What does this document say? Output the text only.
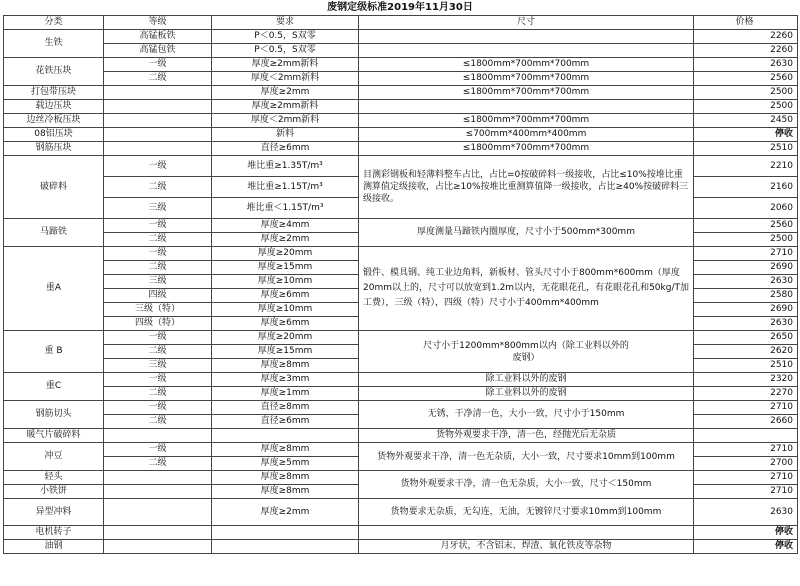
废钢定级标准2019年11月30日
分类	等级	要求	尺寸	价格
生铁	高锰板铁	P＜0.5，S双零		2260
	高锰包铁	P＜0.5，S双零		2260
花铁压块	一级	厚度≥2mm新料	≤1800mm*700mm*700mm	2630
	二级	厚度＜2mm新料	≤1800mm*700mm*700mm	2560
打包带压块		厚度≥2mm	≤1800mm*700mm*700mm	2500
载边压块		厚度≥2mm新料		2500
边丝冷板压块		厚度＜2mm新料	≤1800mm*700mm*700mm	2450
08铝压块		新料	≤700mm*400mm*400mm	停收
钢筋压块		直径≥6mm	≤1800mm*700mm*700mm	2510
破碎料	一级	堆比重≥1.35T/m³	目测彩钢板和轻薄料整车占比，占比=0按破碎料一级接收，占比≤10%按堆比重测算值定级接收，占比≥10%按堆比重测算值降一级接收，占比≥40%按破碎料三级接收。	2210
	二级	堆比重≥1.15T/m³		2160
	三级	堆比重＜1.15T/m³		2060
马蹄铁	一级	厚度≥4mm	厚度测量马蹄铁内圈厚度，尺寸小于500mm*300mm	2560
	二级	厚度≥2mm		2500
重A	一级	厚度≥20mm	锻件、模具钢、纯工业边角料，新板材、管头尺寸小于800mm*600mm（厚度20mm以上的，尺寸可以放宽到1.2m以内，无花眼花孔，有花眼花孔和50kg/T加工费），三级（特），四级（特）尺寸小于400mm*400mm	2710
	二级	厚度≥15mm		2690
	三级	厚度≥10mm		2630
	四级	厚度≥6mm		2580
	三级（特）	厚度≥10mm		2690
	四级（特）	厚度≥6mm		2630
重 B	一级	厚度≥20mm	尺寸小于1200mm*800mm以内（除工业料以外的废钢）	2650
	二级	厚度≥15mm		2620
	三级	厚度≥8mm		2510
重C	一级	厚度≥3mm	除工业料以外的废钢	2320
	二级	厚度≥1mm	除工业料以外的废钢	2270
钢筋切头	一级	直径≥8mm	无锈，干净清一色，大小一致，尺寸小于150mm	2710
	二级	直径≥6mm		2660
暖气片破碎料			货物外观要求干净，清一色，经抛光后无杂质	
冲豆	一级	厚度≥8mm	货物外观要求干净，清一色无杂质，大小一致，尺寸要求10mm到100mm	2710
	二级	厚度≥5mm		2700
轻头		厚度≥8mm	货物外观要求干净，清一色无杂质，大小一致，尺寸＜150mm	2710
小铁饼		厚度≥8mm		2710
异型冲料		厚度≥2mm	货物要求无杂质，无勾连，无油，无镀锌尺寸要求10mm到100mm	2630
电机转子				停收
油钢			月牙状，不含铝末、焊渣、氧化铁皮等杂物	停收
